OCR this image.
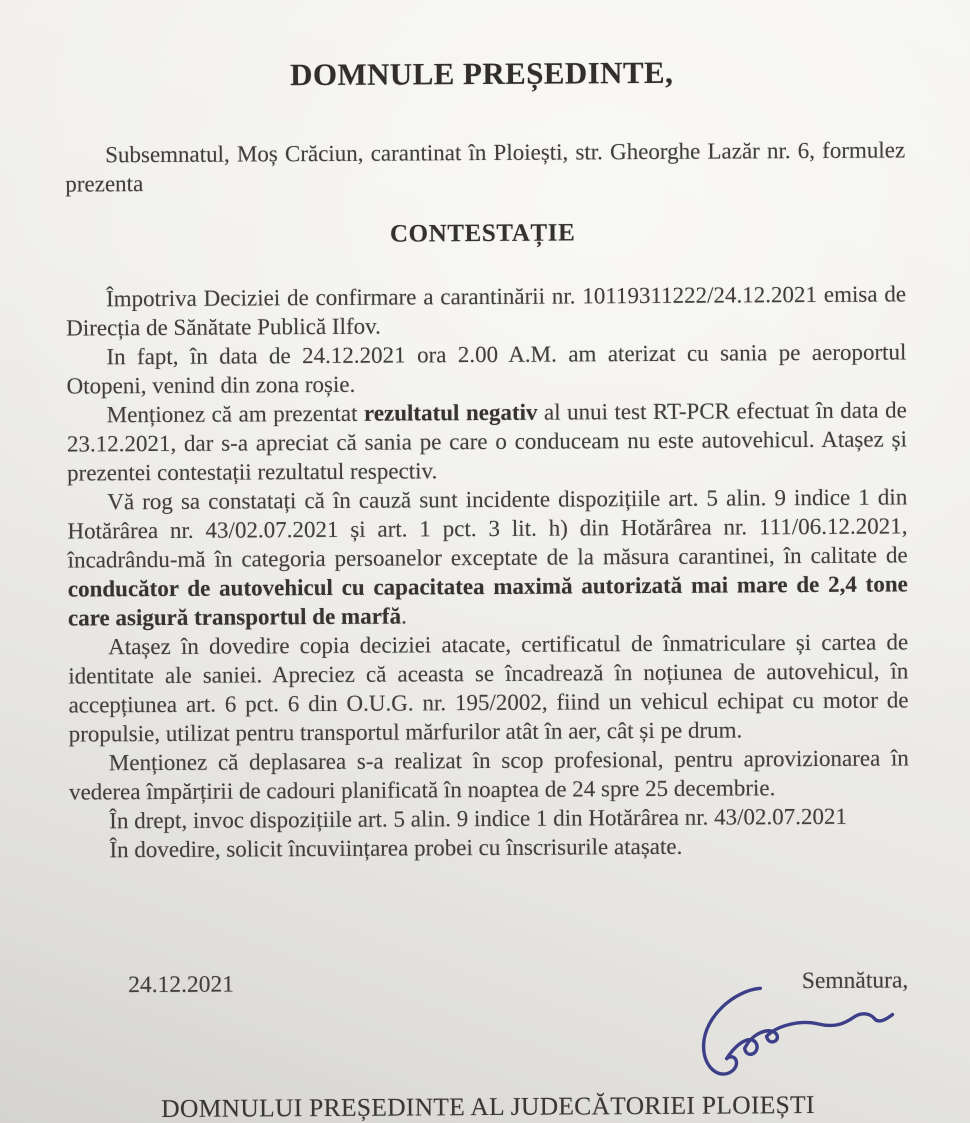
DOMNULE PREȘEDINTE,

Subsemnatul, Moș Crăciun, carantinat în Ploiești, str. Gheorghe Lazăr nr. 6, formulez prezenta

CONTESTAȚIE

Împotriva Deciziei de confirmare a carantinării nr. 10119311222/24.12.2021 emisa de Direcția de Sănătate Publică Ilfov.

In fapt, în data de 24.12.2021 ora 2.00 A.M. am aterizat cu sania pe aeroportul Otopeni, venind din zona roșie.

Menționez că am prezentat rezultatul negativ al unui test RT-PCR efectuat în data de 23.12.2021, dar s-a apreciat că sania pe care o conduceam nu este autovehicul. Atașez și prezentei contestații rezultatul respectiv.

Vă rog sa constatați că în cauză sunt incidente dispozițiile art. 5 alin. 9 indice 1 din Hotărârea nr. 43/02.07.2021 și art. 1 pct. 3 lit. h) din Hotărârea nr. 111/06.12.2021, încadrându-mă în categoria persoanelor exceptate de la măsura carantinei, în calitate de conducător de autovehicul cu capacitatea maximă autorizată mai mare de 2,4 tone care asigură transportul de marfă.

Atașez în dovedire copia deciziei atacate, certificatul de înmatriculare și cartea de identitate ale saniei. Apreciez că aceasta se încadrează în noțiunea de autovehicul, în accepțiunea art. 6 pct. 6 din O.U.G. nr. 195/2002, fiind un vehicul echipat cu motor de propulsie, utilizat pentru transportul mărfurilor atât în aer, cât și pe drum.

Menționez că deplasarea s-a realizat în scop profesional, pentru aprovizionarea în vederea împărțirii de cadouri planificată în noaptea de 24 spre 25 decembrie.

În drept, invoc dispozițiile art. 5 alin. 9 indice 1 din Hotărârea nr. 43/02.07.2021

În dovedire, solicit încuviințarea probei cu înscrisurile atașate.

24.12.2021	Semnătura,

DOMNULUI PREȘEDINTE AL JUDECĂTORIEI PLOIEȘTI
